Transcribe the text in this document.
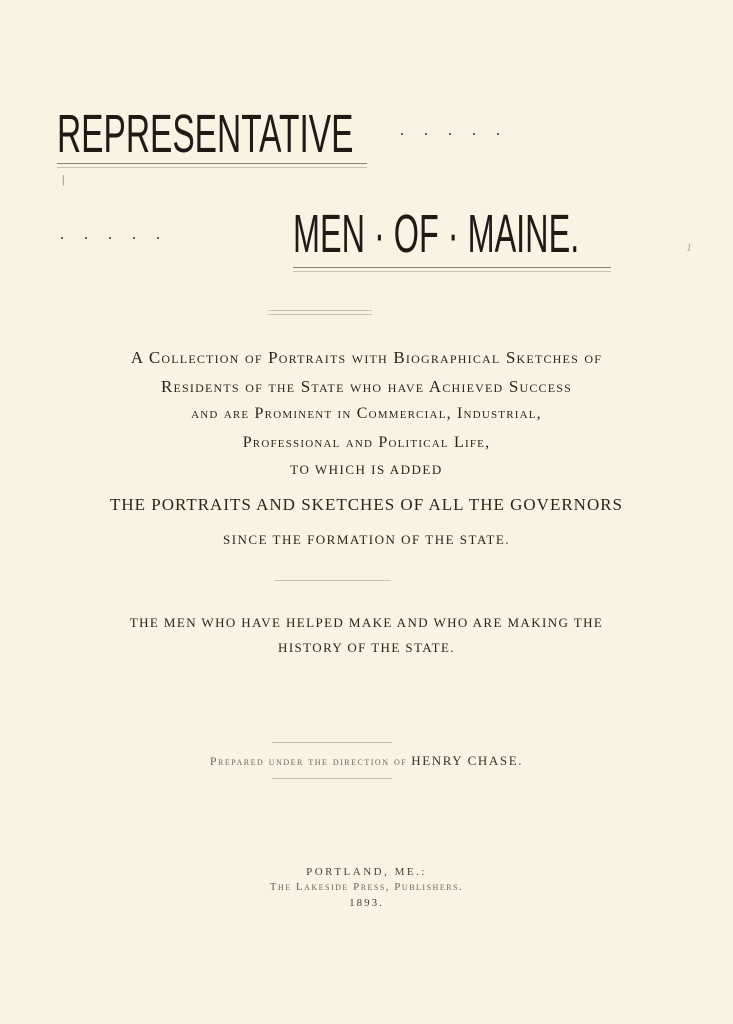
REPRESENTATIVE	. . . . .
|
. . . . . MEN · OF · MAINE.	1
A Collection of Portraits with Biographical Sketches of
Residents of the State who have Achieved Success
and are Prominent in Commercial, Industrial,
Professional and Political Life,
TO WHICH IS ADDED
THE PORTRAITS AND SKETCHES OF ALL THE GOVERNORS
SINCE THE FORMATION OF THE STATE.
THE MEN WHO HAVE HELPED MAKE AND WHO ARE MAKING THE
HISTORY OF THE STATE.
Prepared under the direction of HENRY CHASE.
PORTLAND, ME.:
The Lakeside Press, Publishers.
1893.
